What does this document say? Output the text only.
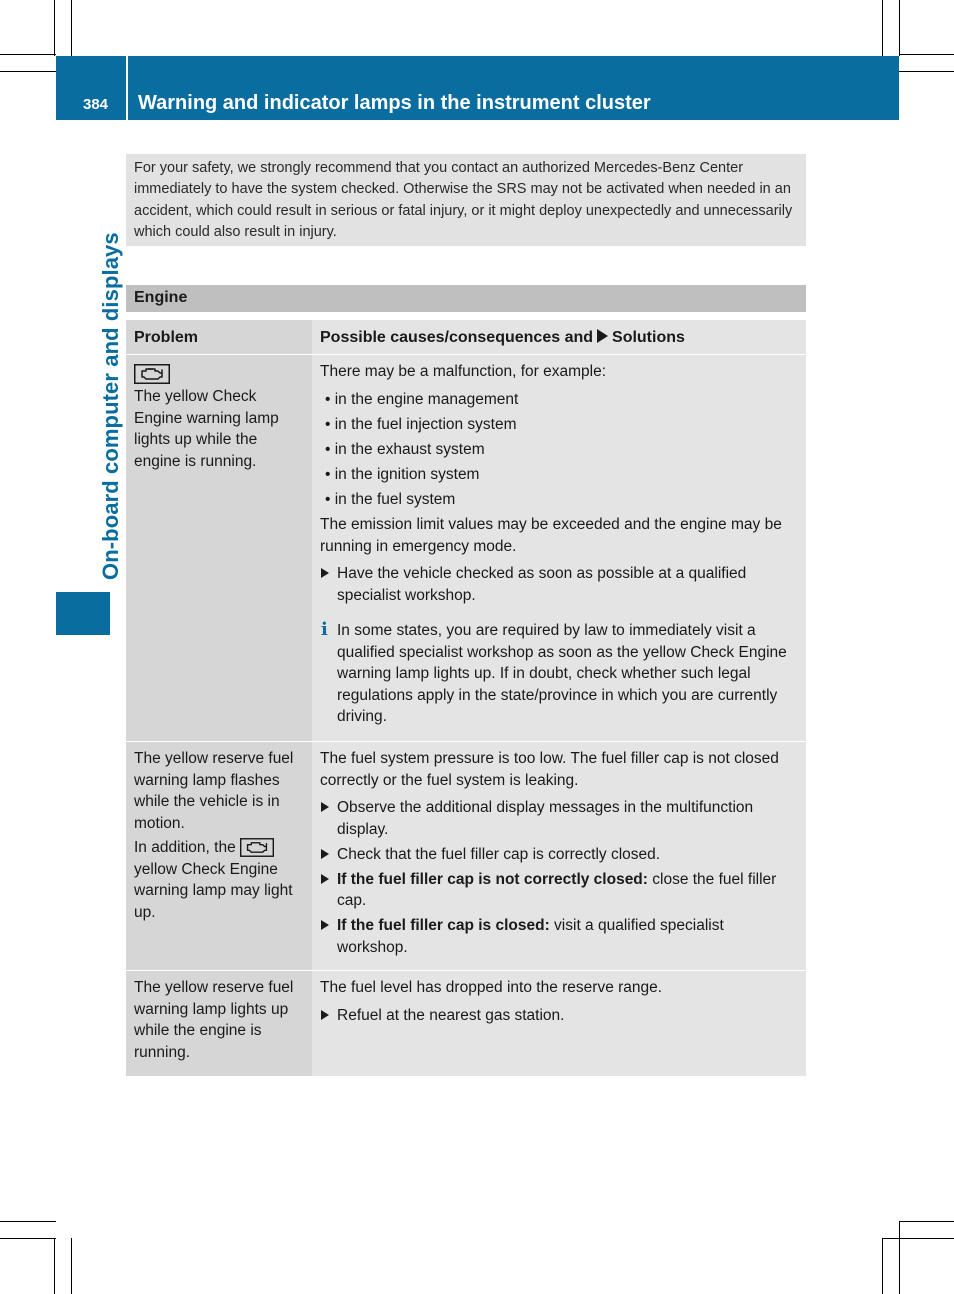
384 Warning and indicator lamps in the instrument cluster
On-board computer and displays
For your safety, we strongly recommend that you contact an authorized Mercedes-Benz Center immediately to have the system checked. Otherwise the SRS may not be activated when needed in an accident, which could result in serious or fatal injury, or it might deploy unexpectedly and unnecessarily which could also result in injury.
Engine
Problem	Possible causes/consequences and Solutions
The yellow Check Engine warning lamp lights up while the engine is running.

There may be a malfunction, for example:

• in the engine management
• in the fuel injection system
• in the exhaust system
• in the ignition system
• in the fuel system

The emission limit values may be exceeded and the engine may be running in emergency mode.

Have the vehicle checked as soon as possible at a qualified specialist workshop.

i In some states, you are required by law to immediately visit a qualified specialist workshop as soon as the yellow Check Engine warning lamp lights up. If in doubt, check whether such legal regulations apply in the state/province in which you are currently driving.

The yellow reserve fuel warning lamp flashes while the vehicle is in motion.

In addition, the  yellow Check Engine warning lamp may light up.

The fuel system pressure is too low. The fuel filler cap is not closed correctly or the fuel system is leaking.

Observe the additional display messages in the multifunction display.

Check that the fuel filler cap is correctly closed.

If the fuel filler cap is not correctly closed: close the fuel filler cap.

If the fuel filler cap is closed: visit a qualified specialist workshop.

The yellow reserve fuel warning lamp lights up while the engine is running.

The fuel level has dropped into the reserve range.

Refuel at the nearest gas station.
